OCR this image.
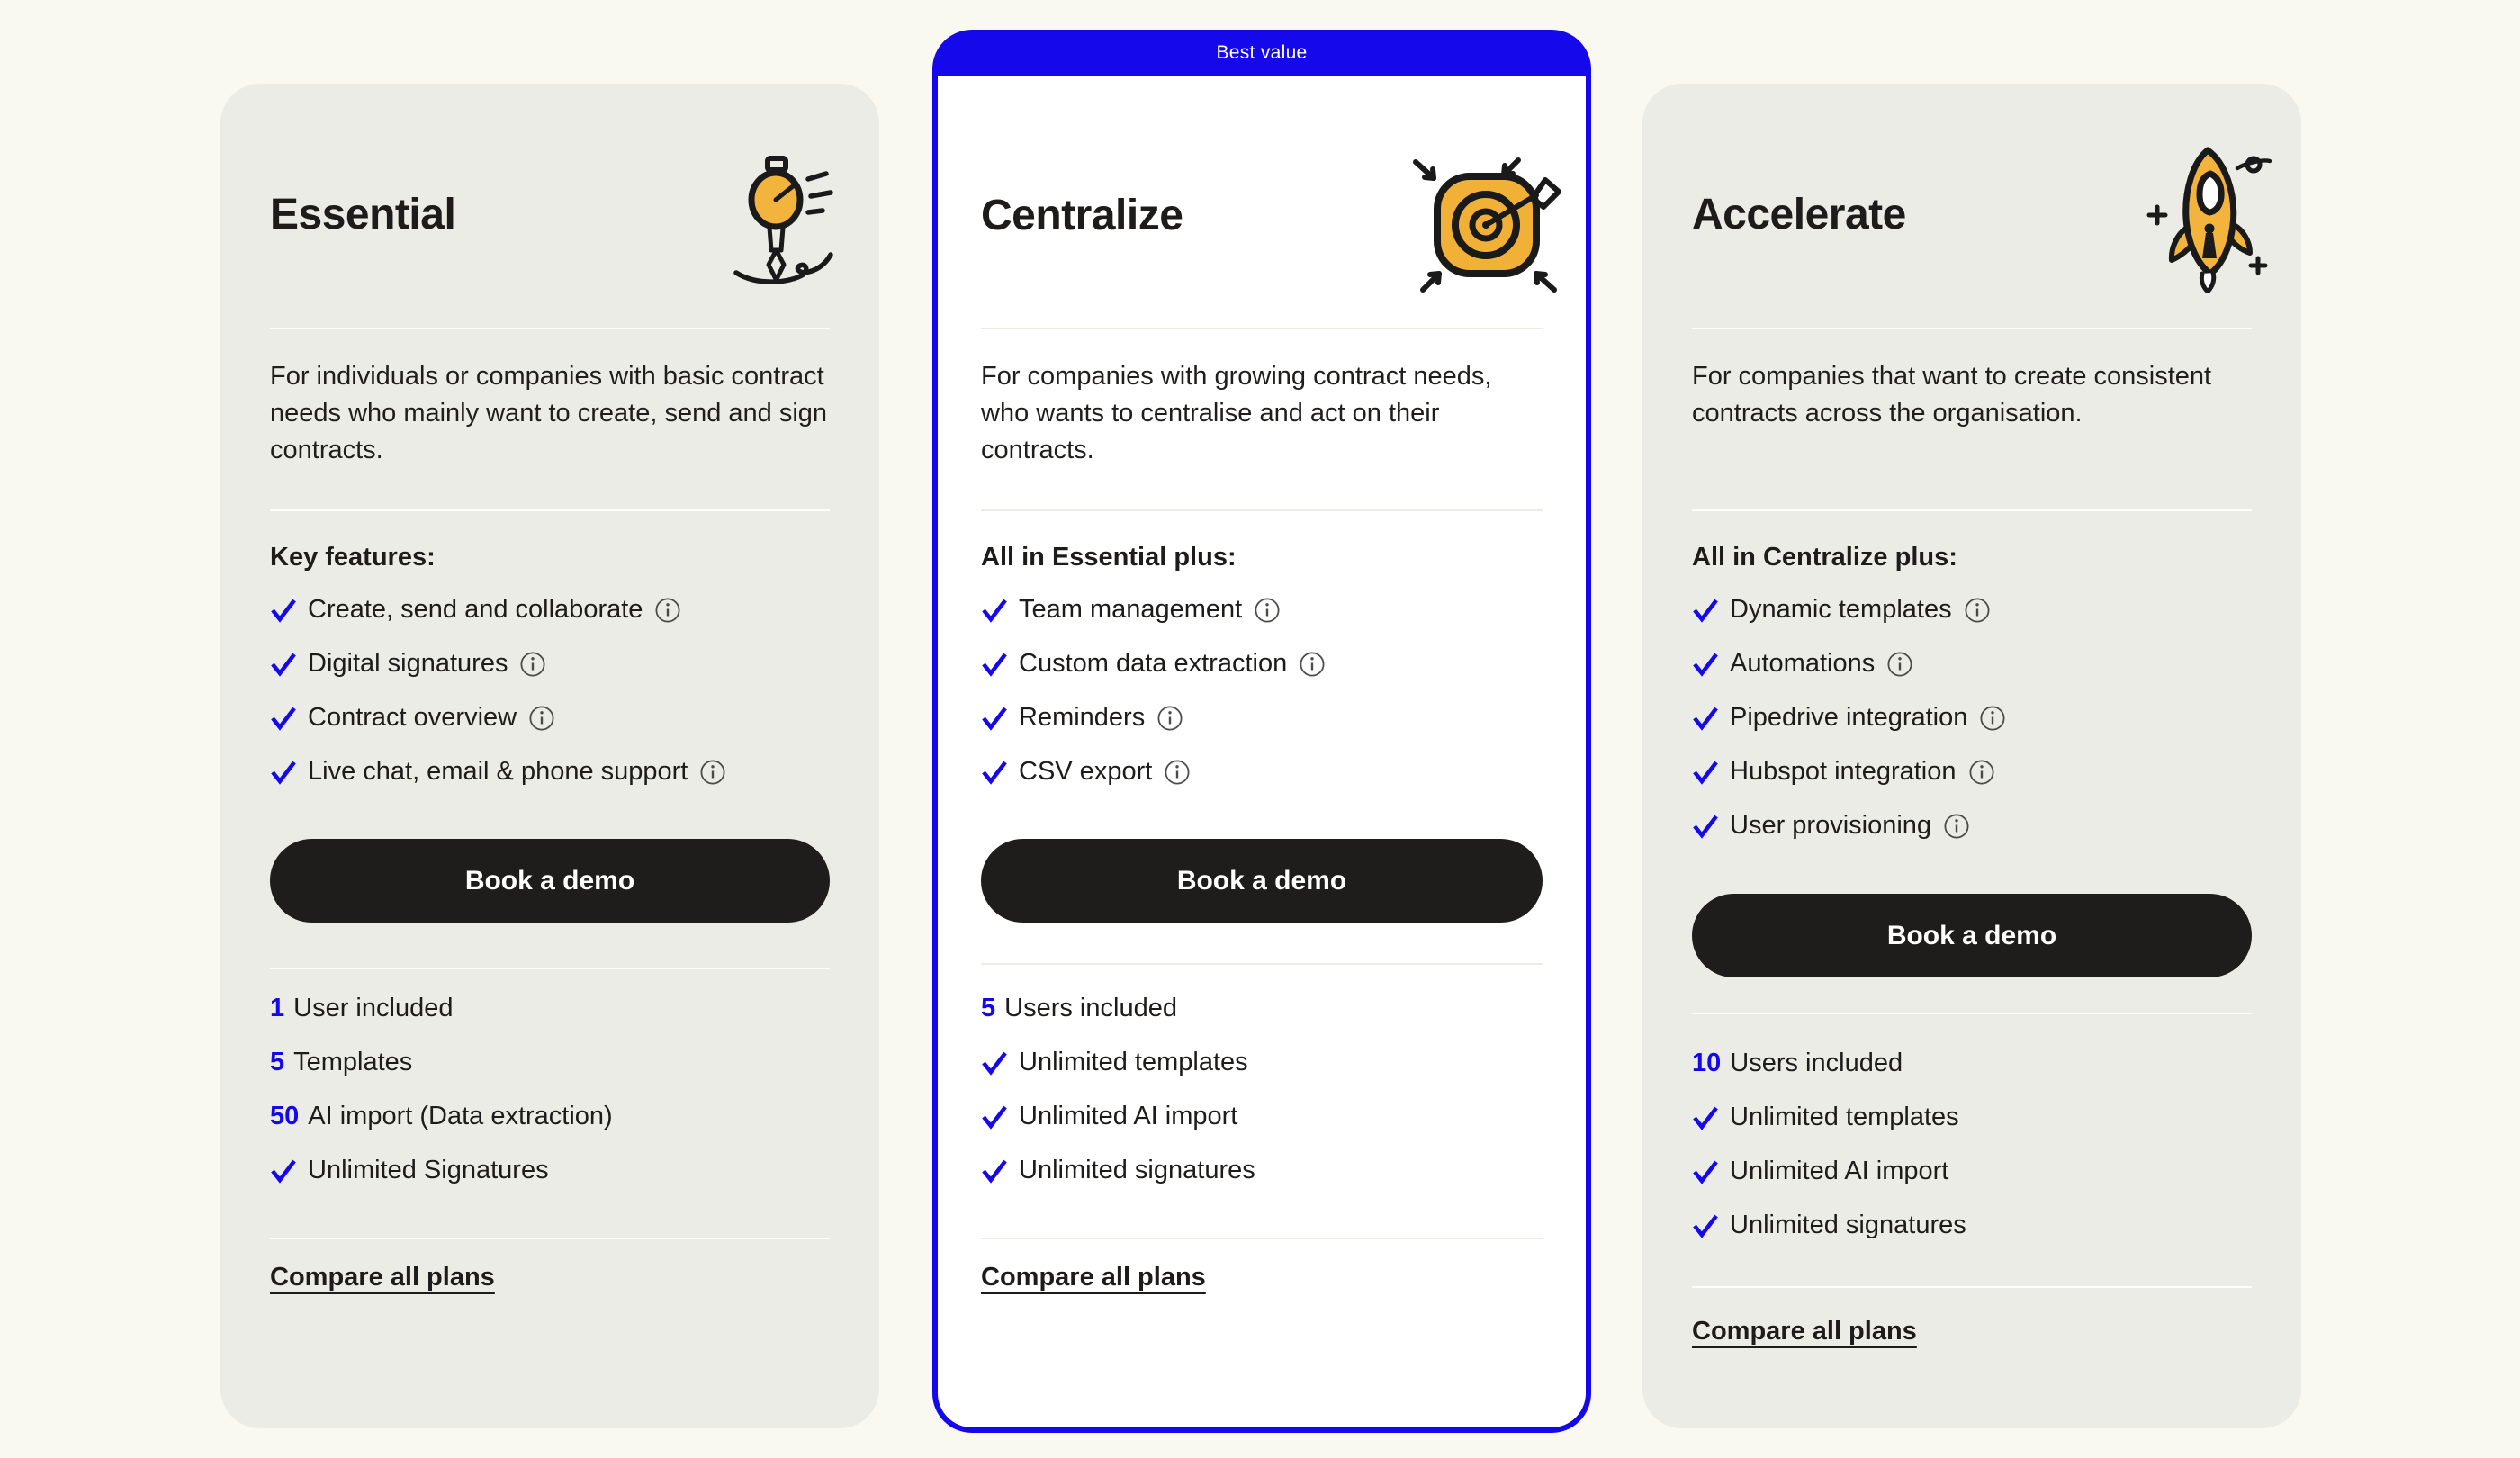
Essential
For individuals or companies with basic contract needs who mainly want to create, send and sign contracts.
Key features:
Create, send and collaborate
Digital signatures
Contract overview
Live chat, email & phone support
Book a demo
1 User included
5 Templates
50 AI import (Data extraction)
Unlimited Signatures
Compare all plans
Best value
Centralize
For companies with growing contract needs, who wants to centralise and act on their contracts.
All in Essential plus:
Team management
Custom data extraction
Reminders
CSV export
Book a demo
5 Users included
Unlimited templates
Unlimited AI import
Unlimited signatures
Compare all plans
Accelerate
For companies that want to create consistent contracts across the organisation.
All in Centralize plus:
Dynamic templates
Automations
Pipedrive integration
Hubspot integration
User provisioning
Book a demo
10 Users included
Unlimited templates
Unlimited AI import
Unlimited signatures
Compare all plans
